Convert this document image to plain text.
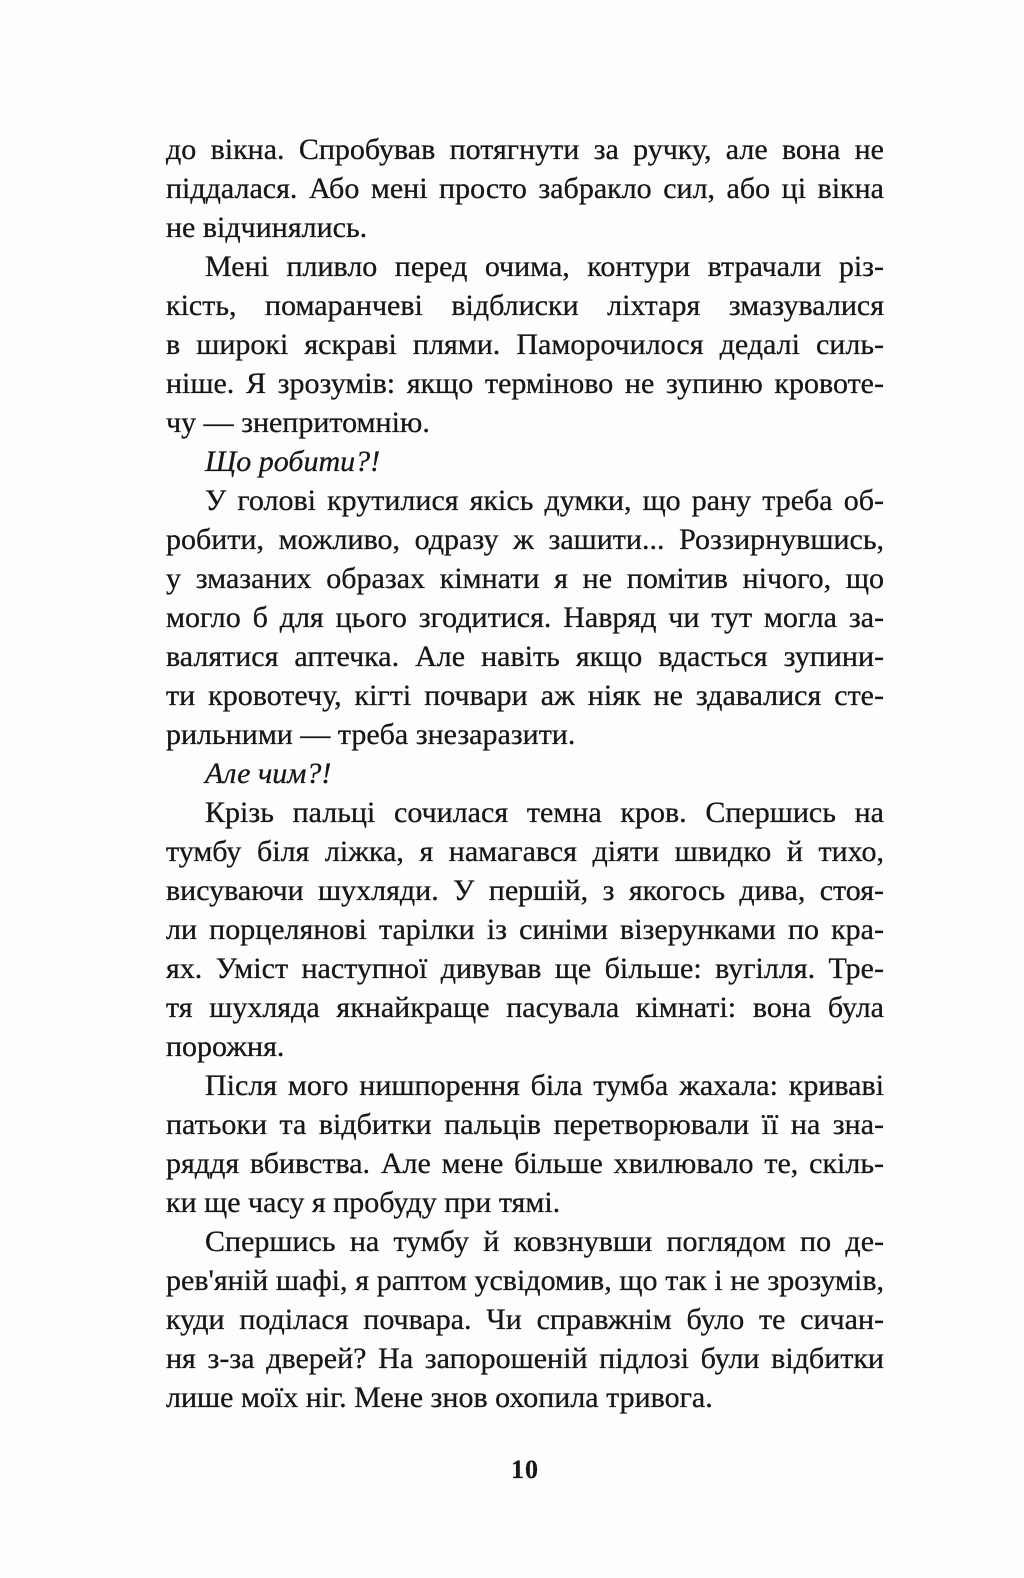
до вікна. Спробував потягнути за ручку, але вона не
піддалася. Або мені просто забракло сил, або ці вікна
не відчинялись.
Мені пливло перед очима, контури втрачали різ-
кість, помаранчеві відблиски ліхтаря змазувалися
в широкі яскраві плями. Паморочилося дедалі силь-
ніше. Я зрозумів: якщо терміново не зупиню кровоте-
чу — знепритомнію.
Що робити?!
У голові крутилися якісь думки, що рану треба об-
робити, можливо, одразу ж зашити... Роззирнувшись,
у змазаних образах кімнати я не помітив нічого, що
могло б для цього згодитися. Навряд чи тут могла за-
валятися аптечка. Але навіть якщо вдасться зупини-
ти кровотечу, кігті почвари аж ніяк не здавалися сте-
рильними — треба знезаразити.
Але чим?!
Крізь пальці сочилася темна кров. Спершись на
тумбу біля ліжка, я намагався діяти швидко й тихо,
висуваючи шухляди. У першій, з якогось дива, стоя-
ли порцелянові тарілки із синіми візерунками по кра-
ях. Уміст наступної дивував ще більше: вугілля. Тре-
тя шухляда якнайкраще пасувала кімнаті: вона була
порожня.
Після мого нишпорення біла тумба жахала: криваві
патьоки та відбитки пальців перетворювали її на зна-
ряддя вбивства. Але мене більше хвилювало те, скіль-
ки ще часу я пробуду при тямі.
Спершись на тумбу й ковзнувши поглядом по де-
рев'яній шафі, я раптом усвідомив, що так і не зрозумів,
куди поділася почвара. Чи справжнім було те сичан-
ня з-за дверей? На запорошеній підлозі були відбитки
лише моїх ніг. Мене знов охопила тривога.
10
